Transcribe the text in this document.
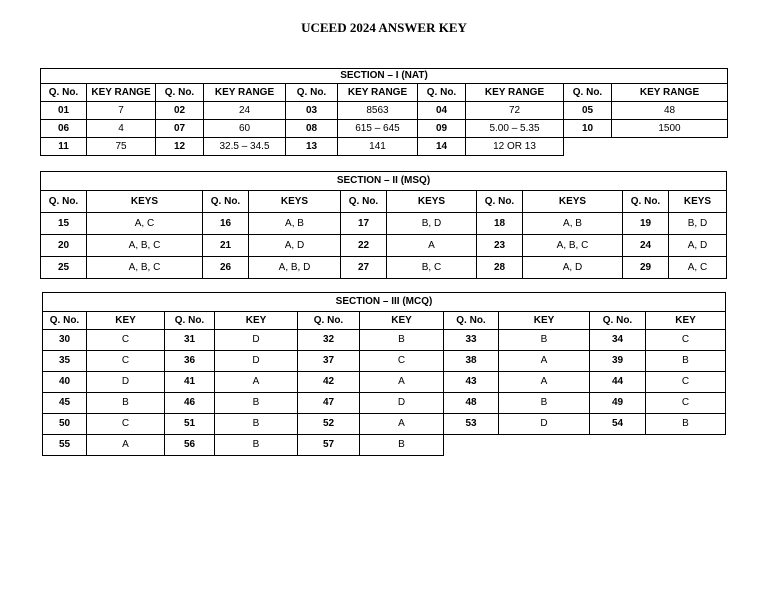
UCEED 2024 ANSWER KEY
SECTION – I (NAT)									
Q. No.	KEY RANGE	Q. No.	KEY RANGE	Q. No.	KEY RANGE	Q. No.	KEY RANGE	Q. No.	KEY RANGE
01	7	02	24	03	8563	04	72	05	48
06	4	07	60	08	615 – 645	09	5.00 – 5.35	10	1500
11	75	12	32.5 – 34.5	13	141	14	12 OR 13		
SECTION – II (MSQ)									
Q. No.	KEYS	Q. No.	KEYS	Q. No.	KEYS	Q. No.	KEYS	Q. No.	KEYS
15	A, C	16	A, B	17	B, D	18	A, B	19	B, D
20	A, B, C	21	A, D	22	A	23	A, B, C	24	A, D
25	A, B, C	26	A, B, D	27	B, C	28	A, D	29	A, C
SECTION – III (MCQ)									
Q. No.	KEY	Q. No.	KEY	Q. No.	KEY	Q. No.	KEY	Q. No.	KEY
30	C	31	D	32	B	33	B	34	C
35	C	36	D	37	C	38	A	39	B
40	D	41	A	42	A	43	A	44	C
45	B	46	B	47	D	48	B	49	C
50	C	51	B	52	A	53	D	54	B
55	A	56	B	57	B				
